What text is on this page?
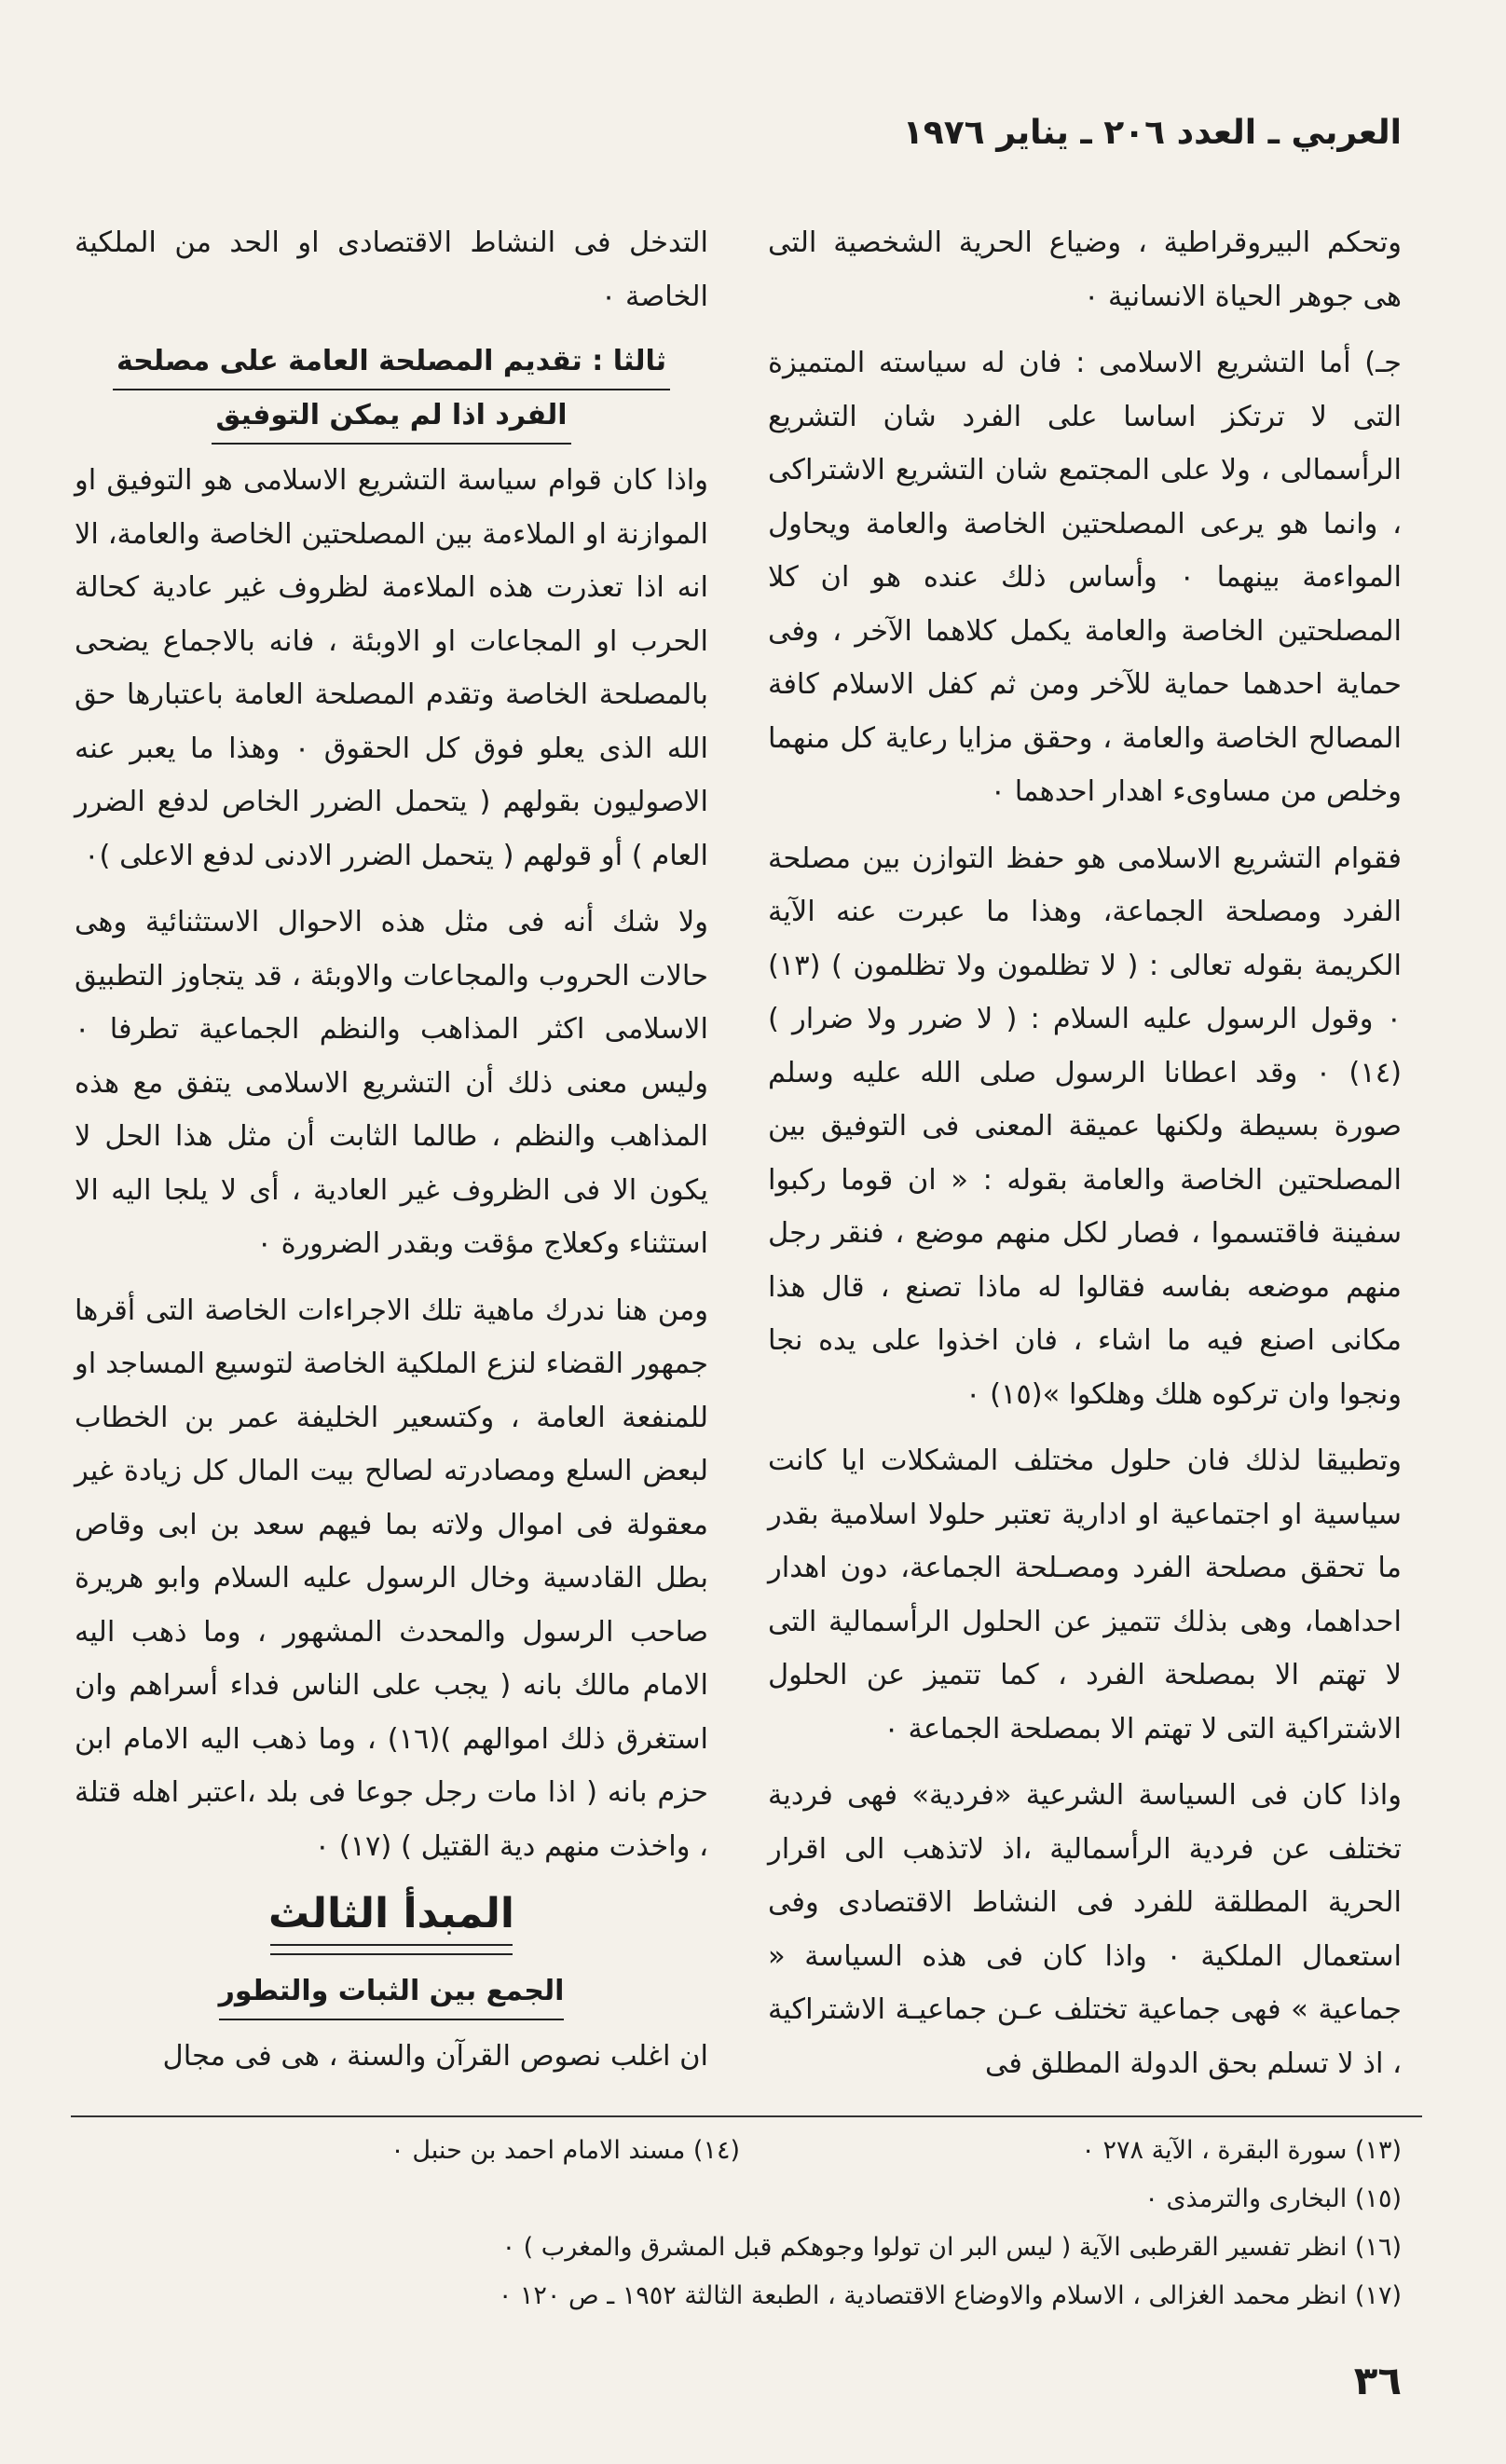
العربي ـ العدد ٢٠٦ ـ يناير ١٩٧٦

وتحكم البيروقراطية ، وضياع الحرية الشخصية التى هى جوهر الحياة الانسانية ٠

جـ) أما التشريع الاسلامى : فان له سياسته المتميزة التى لا ترتكز اساسا على الفرد شان التشريع الرأسمالى ، ولا على المجتمع شان التشريع الاشتراكى ، وانما هو يرعى المصلحتين الخاصة والعامة ويحاول المواءمة بينهما ٠ وأساس ذلك عنده هو ان كلا المصلحتين الخاصة والعامة يكمل كلاهما الآخر ، وفى حماية احدهما حماية للآخر ومن ثم كفل الاسلام كافة المصالح الخاصة والعامة ، وحقق مزايا رعاية كل منهما وخلص من مساوىء اهدار احدهما ٠

فقوام التشريع الاسلامى هو حفظ التوازن بين مصلحة الفرد ومصلحة الجماعة، وهذا ما عبرت عنه الآية الكريمة بقوله تعالى : ( لا تظلمون ولا تظلمون ) (١٣) ٠ وقول الرسول عليه السلام : ( لا ضرر ولا ضرار )(١٤) ٠ وقد اعطانا الرسول صلى الله عليه وسلم صورة بسيطة ولكنها عميقة المعنى فى التوفيق بين المصلحتين الخاصة والعامة بقوله : « ان قوما ركبوا سفينة فاقتسموا ، فصار لكل منهم موضع ، فنقر رجل منهم موضعه بفاسه فقالوا له ماذا تصنع ، قال هذا مكانى اصنع فيه ما اشاء ، فان اخذوا على يده نجا ونجوا وان تركوه هلك وهلكوا »(١٥) ٠

وتطبيقا لذلك فان حلول مختلف المشكلات ايا كانت سياسية او اجتماعية او ادارية تعتبر حلولا اسلامية بقدر ما تحقق مصلحة الفرد ومصـلحة الجماعة، دون اهدار احداهما، وهى بذلك تتميز عن الحلول الرأسمالية التى لا تهتم الا بمصلحة الفرد ، كما تتميز عن الحلول الاشتراكية التى لا تهتم الا بمصلحة الجماعة ٠

واذا كان فى السياسة الشرعية «فردية» فهى فردية تختلف عن فردية الرأسمالية ،اذ لاتذهب الى اقرار الحرية المطلقة للفرد فى النشاط الاقتصادى وفى استعمال الملكية ٠ واذا كان فى هذه السياسة « جماعية » فهى جماعية تختلف عـن جماعيـة الاشتراكية ، اذ لا تسلم بحق الدولة المطلق فى

التدخل فى النشاط الاقتصادى او الحد من الملكية الخاصة ٠

ثالثا : تقديم المصلحة العامة على مصلحة
الفرد اذا لم يمكن التوفيق

واذا كان قوام سياسة التشريع الاسلامى هو التوفيق او الموازنة او الملاءمة بين المصلحتين الخاصة والعامة، الا انه اذا تعذرت هذه الملاءمة لظروف غير عادية كحالة الحرب او المجاعات او الاوبئة ، فانه بالاجماع يضحى بالمصلحة الخاصة وتقدم المصلحة العامة باعتبارها حق الله الذى يعلو فوق كل الحقوق ٠ وهذا ما يعبر عنه الاصوليون بقولهم ( يتحمل الضرر الخاص لدفع الضرر العام ) أو قولهم ( يتحمل الضرر الادنى لدفع الاعلى )٠

ولا شك أنه فى مثل هذه الاحوال الاستثنائية وهى حالات الحروب والمجاعات والاوبئة ، قد يتجاوز التطبيق الاسلامى اكثر المذاهب والنظم الجماعية تطرفا ٠ وليس معنى ذلك أن التشريع الاسلامى يتفق مع هذه المذاهب والنظم ، طالما الثابت أن مثل هذا الحل لا يكون الا فى الظروف غير العادية ، أى لا يلجا اليه الا استثناء وكعلاج مؤقت وبقدر الضرورة ٠

ومن هنا ندرك ماهية تلك الاجراءات الخاصة التى أقرها جمهور القضاء لنزع الملكية الخاصة لتوسيع المساجد او للمنفعة العامة ، وكتسعير الخليفة عمر بن الخطاب لبعض السلع ومصادرته لصالح بيت المال كل زيادة غير معقولة فى اموال ولاته بما فيهم سعد بن ابى وقاص بطل القادسية وخال الرسول عليه السلام وابو هريرة صاحب الرسول والمحدث المشهور ، وما ذهب اليه الامام مالك بانه ( يجب على الناس فداء أسراهم وان استغرق ذلك اموالهم )(١٦) ، وما ذهب اليه الامام ابن حزم بانه ( اذا مات رجل جوعا فى بلد ،اعتبر اهله قتلة ، واخذت منهم دية القتيل ) (١٧) ٠

المبدأ الثالث
الجمع بين الثبات والتطور

ان اغلب نصوص القرآن والسنة ، هى فى مجال

(١٣) سورة البقرة ، الآية ٢٧٨ ٠
(١٤) مسند الامام احمد بن حنبل ٠
(١٥) البخارى والترمذى ٠
(١٦) انظر تفسير القرطبى الآية ( ليس البر ان تولوا وجوهكم قبل المشرق والمغرب ) ٠
(١٧) انظر محمد الغزالى ، الاسلام والاوضاع الاقتصادية ، الطبعة الثالثة ١٩٥٢ ـ ص ١٢٠ ٠
٣٦
